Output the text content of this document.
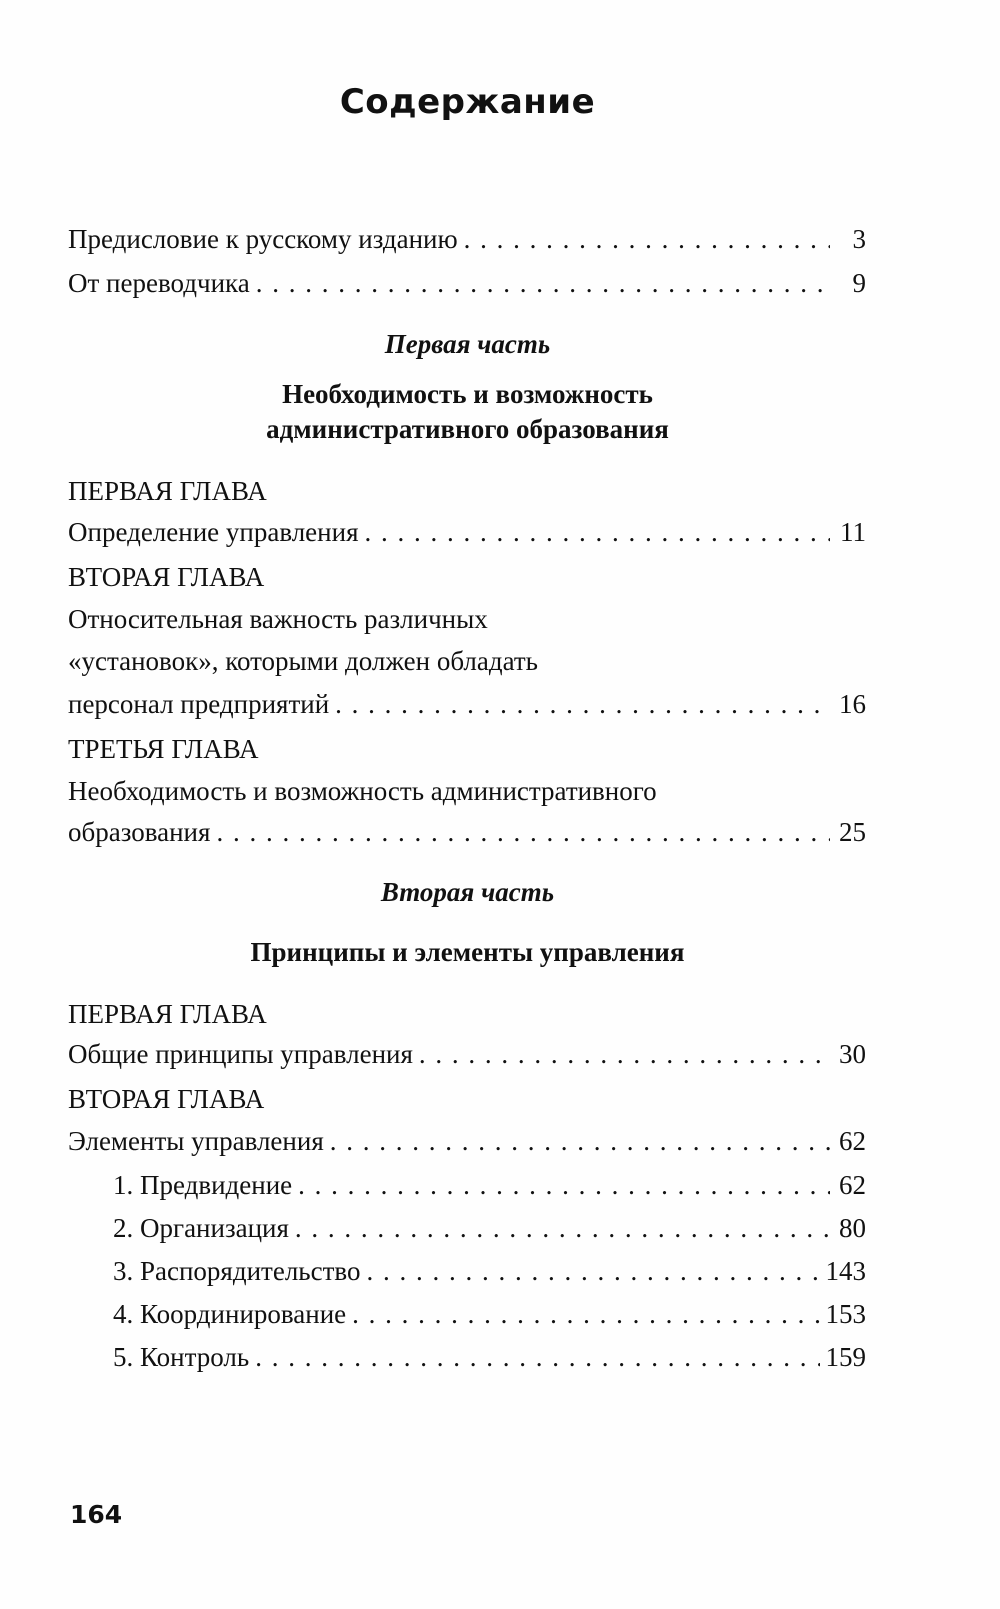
Содержание
Предисловие к русскому изданию . . .	3
От переводчика . . .	9
Первая часть
Необходимость и возможность
административного образования
ПЕРВАЯ ГЛАВА
Определение управления . . .	11
ВТОРАЯ ГЛАВА
Относительная важность различных
«установок», которыми должен обладать
персонал предприятий . . .	16
ТРЕТЬЯ ГЛАВА
Необходимость и возможность административного
образования . . .	25
Вторая часть
Принципы и элементы управления
ПЕРВАЯ ГЛАВА
Общие принципы управления . . .	30
ВТОРАЯ ГЛАВА
Элементы управления . . .	62
1. Предвидение . . .	62
2. Организация . . .	80
3. Распорядительство . . .	143
4. Координирование . . .	153
5. Контроль . . .	159
164
